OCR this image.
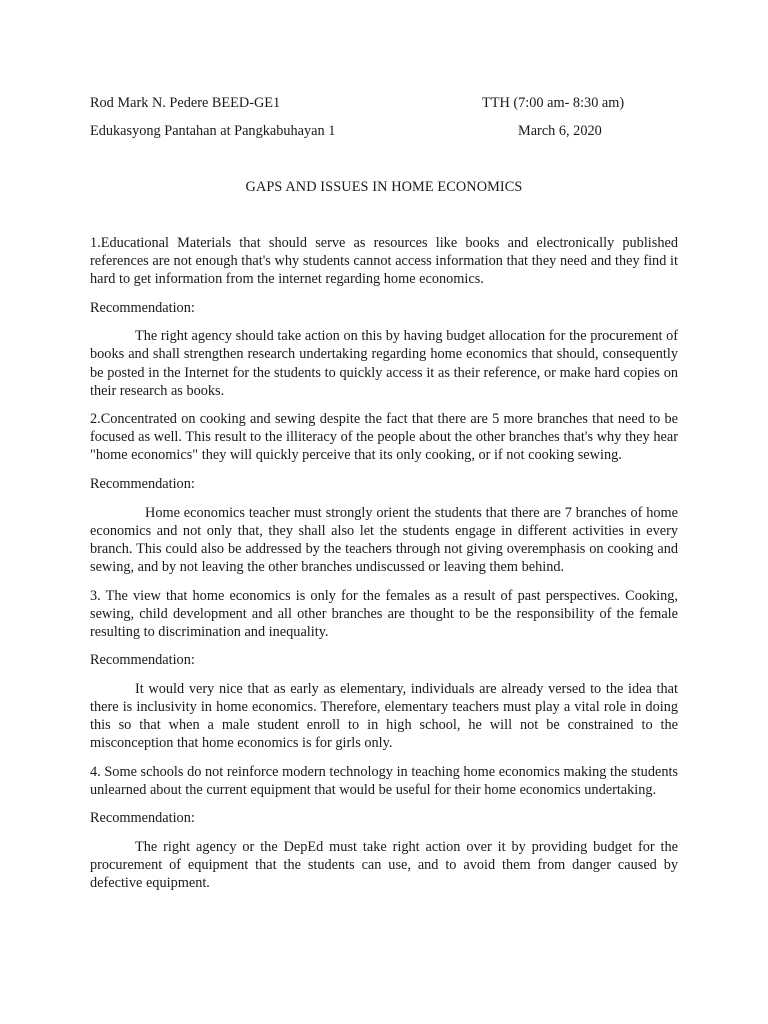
Rod Mark N. Pedere BEED-GE1	TTH (7:00 am- 8:30 am)
Edukasyong Pantahan at Pangkabuhayan 1	March 6, 2020
GAPS AND ISSUES IN HOME ECONOMICS

1.Educational Materials that should serve as resources like books and electronically published references are not enough that's why students cannot access information that they need and they find it hard to get information from the internet regarding home economics.

Recommendation:

The right agency should take action on this by having budget allocation for the procurement of books and shall strengthen research undertaking regarding home economics that should, consequently be posted in the Internet for the students to quickly access it as their reference, or make hard copies on their research as books.

2.Concentrated on cooking and sewing despite the fact that there are 5 more branches that need to be focused as well. This result to the illiteracy of the people about the other branches that's why they hear "home economics" they will quickly perceive that its only cooking, or if not cooking sewing.

Recommendation:

Home economics teacher must strongly orient the students that there are 7 branches of home economics and not only that, they shall also let the students engage in different activities in every branch. This could also be addressed by the teachers through not giving overemphasis on cooking and sewing, and by not leaving the other branches undiscussed or leaving them behind.

3. The view that home economics is only for the females as a result of past perspectives. Cooking, sewing, child development and all other branches are thought to be the responsibility of the female resulting to discrimination and inequality.

Recommendation:

It would very nice that as early as elementary, individuals are already versed to the idea that there is inclusivity in home economics. Therefore, elementary teachers must play a vital role in doing this so that when a male student enroll to in high school, he will not be constrained to the misconception that home economics is for girls only.

4. Some schools do not reinforce modern technology in teaching home economics making the students unlearned about the current equipment that would be useful for their home economics undertaking.

Recommendation:

The right agency or the DepEd must take right action over it by providing budget for the procurement of equipment that the students can use, and to avoid them from danger caused by defective equipment.
